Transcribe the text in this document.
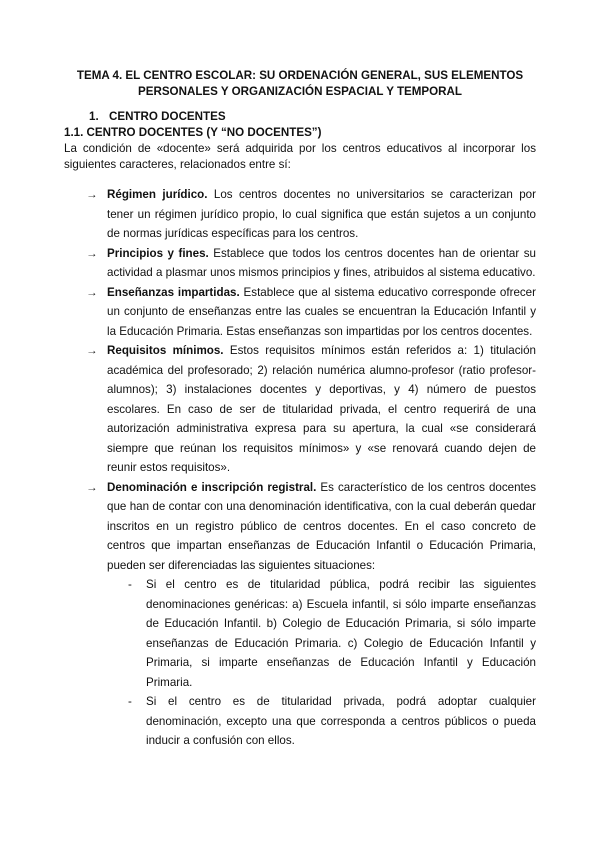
TEMA 4. EL CENTRO ESCOLAR: SU ORDENACIÓN GENERAL, SUS ELEMENTOS
PERSONALES Y ORGANIZACIÓN ESPACIAL Y TEMPORAL

1. CENTRO DOCENTES

1.1. CENTRO DOCENTES (Y “NO DOCENTES”)

La condición de «docente» será adquirida por los centros educativos al incorporar los siguientes caracteres, relacionados entre sí:

→ Régimen jurídico. Los centros docentes no universitarios se caracterizan por tener un régimen jurídico propio, lo cual significa que están sujetos a un conjunto de normas jurídicas específicas para los centros.
→ Principios y fines. Establece que todos los centros docentes han de orientar su actividad a plasmar unos mismos principios y fines, atribuidos al sistema educativo.
→ Enseñanzas impartidas. Establece que al sistema educativo corresponde ofrecer un conjunto de enseñanzas entre las cuales se encuentran la Educación Infantil y la Educación Primaria. Estas enseñanzas son impartidas por los centros docentes.
→ Requisitos mínimos. Estos requisitos mínimos están referidos a: 1) titulación académica del profesorado; 2) relación numérica alumno-profesor (ratio profesor-alumnos); 3) instalaciones docentes y deportivas, y 4) número de puestos escolares. En caso de ser de titularidad privada, el centro requerirá de una autorización administrativa expresa para su apertura, la cual «se considerará siempre que reúnan los requisitos mínimos» y «se renovará cuando dejen de reunir estos requisitos».
→ Denominación e inscripción registral. Es característico de los centros docentes que han de contar con una denominación identificativa, con la cual deberán quedar inscritos en un registro público de centros docentes. En el caso concreto de centros que impartan enseñanzas de Educación Infantil o Educación Primaria, pueden ser diferenciadas las siguientes situaciones:
- Si el centro es de titularidad pública, podrá recibir las siguientes denominaciones genéricas: a) Escuela infantil, si sólo imparte enseñanzas de Educación Infantil. b) Colegio de Educación Primaria, si sólo imparte enseñanzas de Educación Primaria. c) Colegio de Educación Infantil y Primaria, si imparte enseñanzas de Educación Infantil y Educación Primaria.
- Si el centro es de titularidad privada, podrá adoptar cualquier denominación, excepto una que corresponda a centros públicos o pueda inducir a confusión con ellos.
